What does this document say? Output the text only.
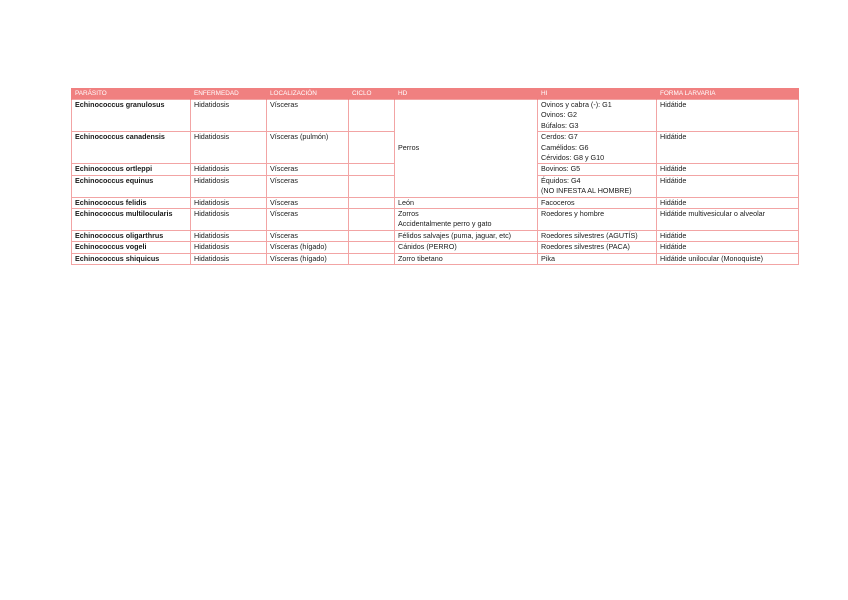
PARÁSITO	ENFERMEDAD	LOCALIZACIÓN	CICLO	HD	HI	FORMA LARVARIA
Echinococcus granulosus	Hidatidosis	Vísceras		Perros	Ovinos y cabra (-): G1
Ovinos: G2
Búfalos: G3	Hidátide
Echinococcus canadensis	Hidatidosis	Vísceras (pulmón)			Cerdos: G7
Camélidos: G6
Cérvidos: G8 y G10	Hidátide
Echinococcus ortleppi	Hidatidosis	Vísceras			Bovinos: G5	Hidátide
Echinococcus equinus	Hidatidosis	Vísceras			Équidos: G4
(NO INFESTA AL HOMBRE)	Hidátide
Echinococcus felidis	Hidatidosis	Vísceras		León	Facoceros	Hidátide
Echinococcus multilocularis	Hidatidosis	Vísceras		Zorros
Accidentalmente perro y gato	Roedores y hombre	Hidátide multivesicular o alveolar
Echinococcus oligarthrus	Hidatidosis	Vísceras		Félidos salvajes (puma, jaguar, etc)	Roedores silvestres (AGUTÍS)	Hidátide
Echinococcus vogeli	Hidatidosis	Vísceras (hígado)		Cánidos (PERRO)	Roedores silvestres (PACA)	Hidátide
Echinococcus shiquicus	Hidatidosis	Vísceras (hígado)		Zorro tibetano	Pika	Hidátide unilocular (Monoquiste)
